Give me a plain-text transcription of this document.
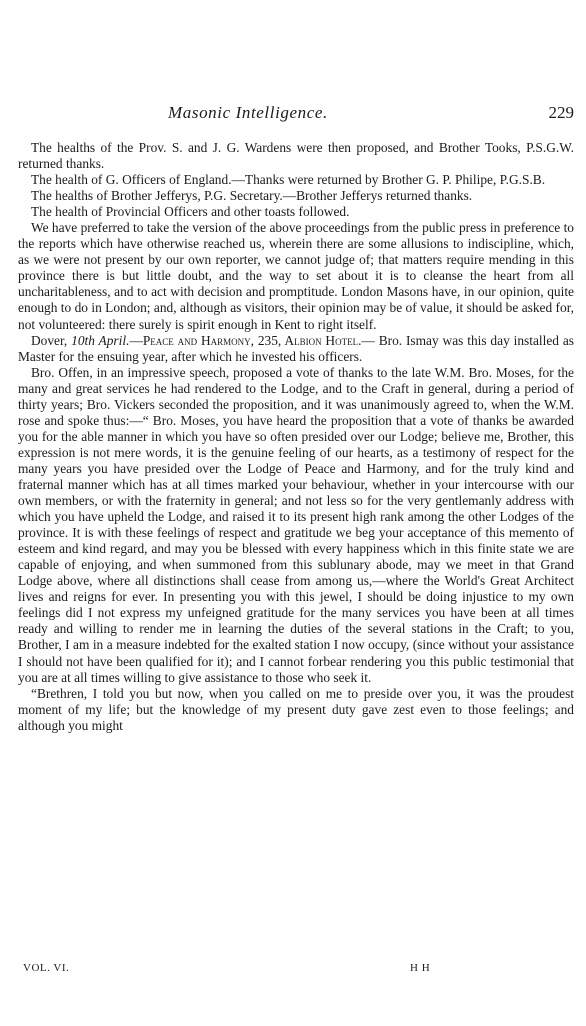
Masonic Intelligence.	229

The healths of the Prov. S. and J. G. Wardens were then proposed, and Brother Tooks, P.S.G.W. returned thanks.

The health of G. Officers of England.—Thanks were returned by Brother G. P. Philipe, P.G.S.B.

The healths of Brother Jefferys, P.G. Secretary.—Brother Jefferys returned thanks.

The health of Provincial Officers and other toasts followed.

We have preferred to take the version of the above proceedings from the public press in preference to the reports which have otherwise reached us, wherein there are some allusions to indiscipline, which, as we were not present by our own reporter, we cannot judge of; that matters require mending in this province there is but little doubt, and the way to set about it is to cleanse the heart from all uncharitableness, and to act with decision and promptitude. London Masons have, in our opinion, quite enough to do in London; and, although as visitors, their opinion may be of value, it should be asked for, not volunteered: there surely is spirit enough in Kent to right itself.

Dover, 10th April.—Peace and Harmony, 235, Albion Hotel.— Bro. Ismay was this day installed as Master for the ensuing year, after which he invested his officers.

Bro. Offen, in an impressive speech, proposed a vote of thanks to the late W.M. Bro. Moses, for the many and great services he had rendered to the Lodge, and to the Craft in general, during a period of thirty years; Bro. Vickers seconded the proposition, and it was unanimously agreed to, when the W.M. rose and spoke thus:—“ Bro. Moses, you have heard the proposition that a vote of thanks be awarded you for the able manner in which you have so often presided over our Lodge; believe me, Brother, this expression is not mere words, it is the genuine feeling of our hearts, as a testimony of respect for the many years you have presided over the Lodge of Peace and Harmony, and for the truly kind and fraternal manner which has at all times marked your behaviour, whether in your intercourse with our own members, or with the fraternity in general; and not less so for the very gentlemanly address with which you have upheld the Lodge, and raised it to its present high rank among the other Lodges of the province. It is with these feelings of respect and gratitude we beg your acceptance of this memento of esteem and kind regard, and may you be blessed with every happiness which in this finite state we are capable of enjoying, and when summoned from this sublunary abode, may we meet in that Grand Lodge above, where all distinctions shall cease from among us,—where the World's Great Architect lives and reigns for ever. In presenting you with this jewel, I should be doing injustice to my own feelings did I not express my unfeigned gratitude for the many services you have been at all times ready and willing to render me in learning the duties of the several stations in the Craft; to you, Brother, I am in a measure indebted for the exalted station I now occupy, (since without your assistance I should not have been qualified for it); and I cannot forbear rendering you this public testimonial that you are at all times willing to give assistance to those who seek it.

“Brethren, I told you but now, when you called on me to preside over you, it was the proudest moment of my life; but the knowledge of my present duty gave zest even to those feelings; and although you might

VOL. VI.	H H
